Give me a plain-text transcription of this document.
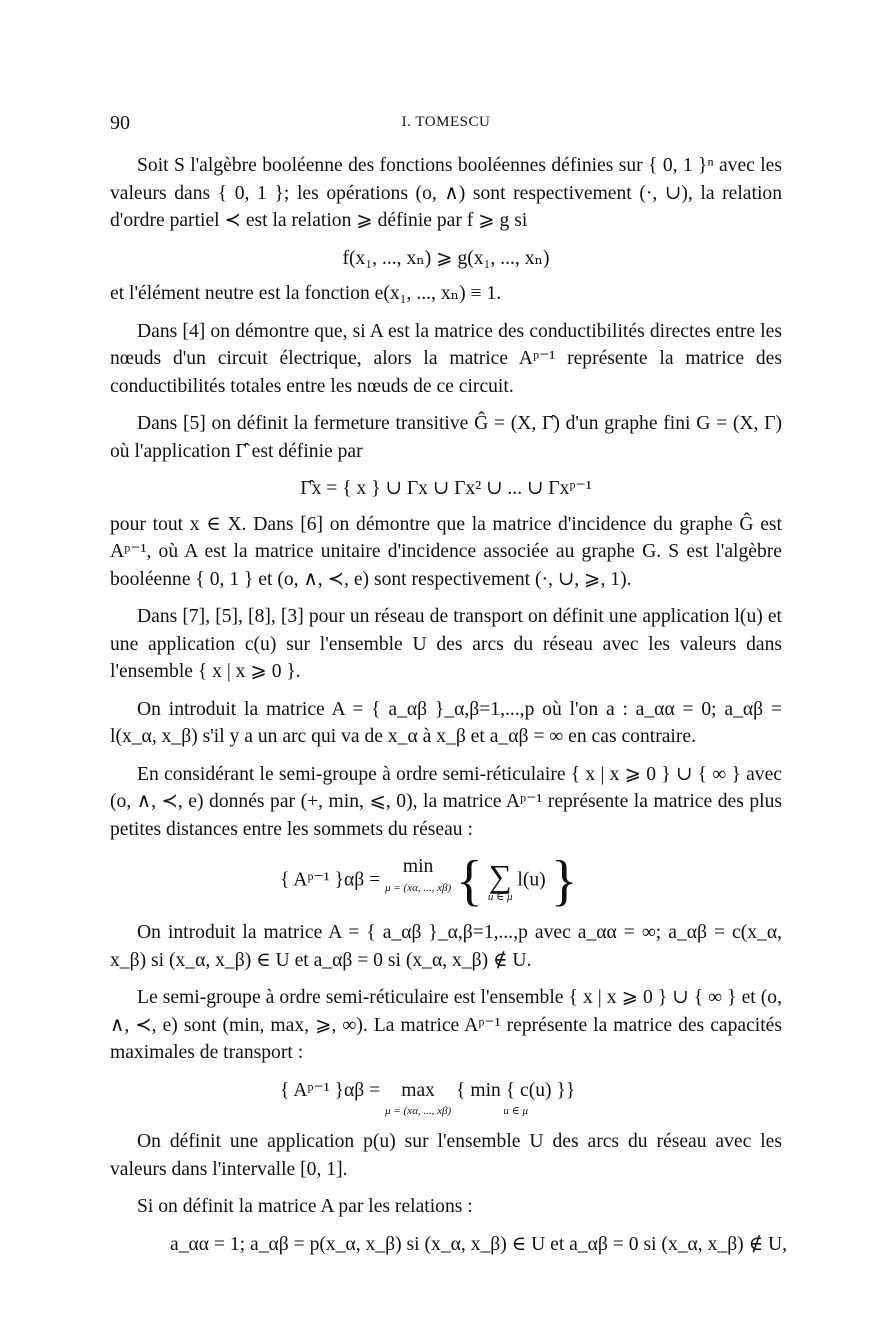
90	I. TOMESCU

Soit S l'algèbre booléenne des fonctions booléennes définies sur { 0, 1 }ⁿ avec les valeurs dans { 0, 1 }; les opérations (o, ∧) sont respectivement (·, ∪), la relation d'ordre partiel ≺ est la relation ⩾ définie par f ⩾ g si

f(x₁, ..., xₙ) ⩾ g(x₁, ..., xₙ)

et l'élément neutre est la fonction e(x₁, ..., xₙ) ≡ 1.

Dans [4] on démontre que, si A est la matrice des conductibilités directes entre les nœuds d'un circuit électrique, alors la matrice Aᵖ⁻¹ représente la matrice des conductibilités totales entre les nœuds de ce circuit.

Dans [5] on définit la fermeture transitive Ĝ = (X, Γ̂) d'un graphe fini G = (X, Γ) où l'application Γ̂ est définie par

Γ̂x = { x } ∪ Γx ∪ Γx² ∪ ... ∪ Γxᵖ⁻¹

pour tout x ∈ X. Dans [6] on démontre que la matrice d'incidence du graphe Ĝ est Aᵖ⁻¹, où A est la matrice unitaire d'incidence associée au graphe G. S est l'algèbre booléenne { 0, 1 } et (o, ∧, ≺, e) sont respectivement (·, ∪, ⩾, 1).

Dans [7], [5], [8], [3] pour un réseau de transport on définit une application l(u) et une application c(u) sur l'ensemble U des arcs du réseau avec les valeurs dans l'ensemble { x | x ⩾ 0 }.

On introduit la matrice A = { a_αβ }_α,β=1,...,p où l'on a : a_αα = 0; a_αβ = l(x_α, x_β) s'il y a un arc qui va de x_α à x_β et a_αβ = ∞ en cas contraire.

En considérant le semi-groupe à ordre semi-réticulaire { x | x ⩾ 0 } ∪ { ∞ } avec (o, ∧, ≺, e) donnés par (+, min, ⩽, 0), la matrice Aᵖ⁻¹ représente la matrice des plus petites distances entre les sommets du réseau :

{ Aᵖ⁻¹ }αβ = min
μ = (xα, ..., xβ) { ∑
u ∈ μ
l(u) }

On introduit la matrice A = { a_αβ }_α,β=1,...,p avec a_αα = ∞; a_αβ = c(x_α, x_β) si (x_α, x_β) ∈ U et a_αβ = 0 si (x_α, x_β) ∉ U.

Le semi-groupe à ordre semi-réticulaire est l'ensemble { x | x ⩾ 0 } ∪ { ∞ } et (o, ∧, ≺, e) sont (min, max, ⩾, ∞). La matrice Aᵖ⁻¹ représente la matrice des capacités maximales de transport :

{ Aᵖ⁻¹ }αβ = max
μ = (xα, ..., xβ)
{ min { c(u) }}
u ∈ μ

On définit une application p(u) sur l'ensemble U des arcs du réseau avec les valeurs dans l'intervalle [0, 1].

Si on définit la matrice A par les relations :

a_αα = 1; a_αβ = p(x_α, x_β) si (x_α, x_β) ∈ U et a_αβ = 0 si (x_α, x_β) ∉ U,
